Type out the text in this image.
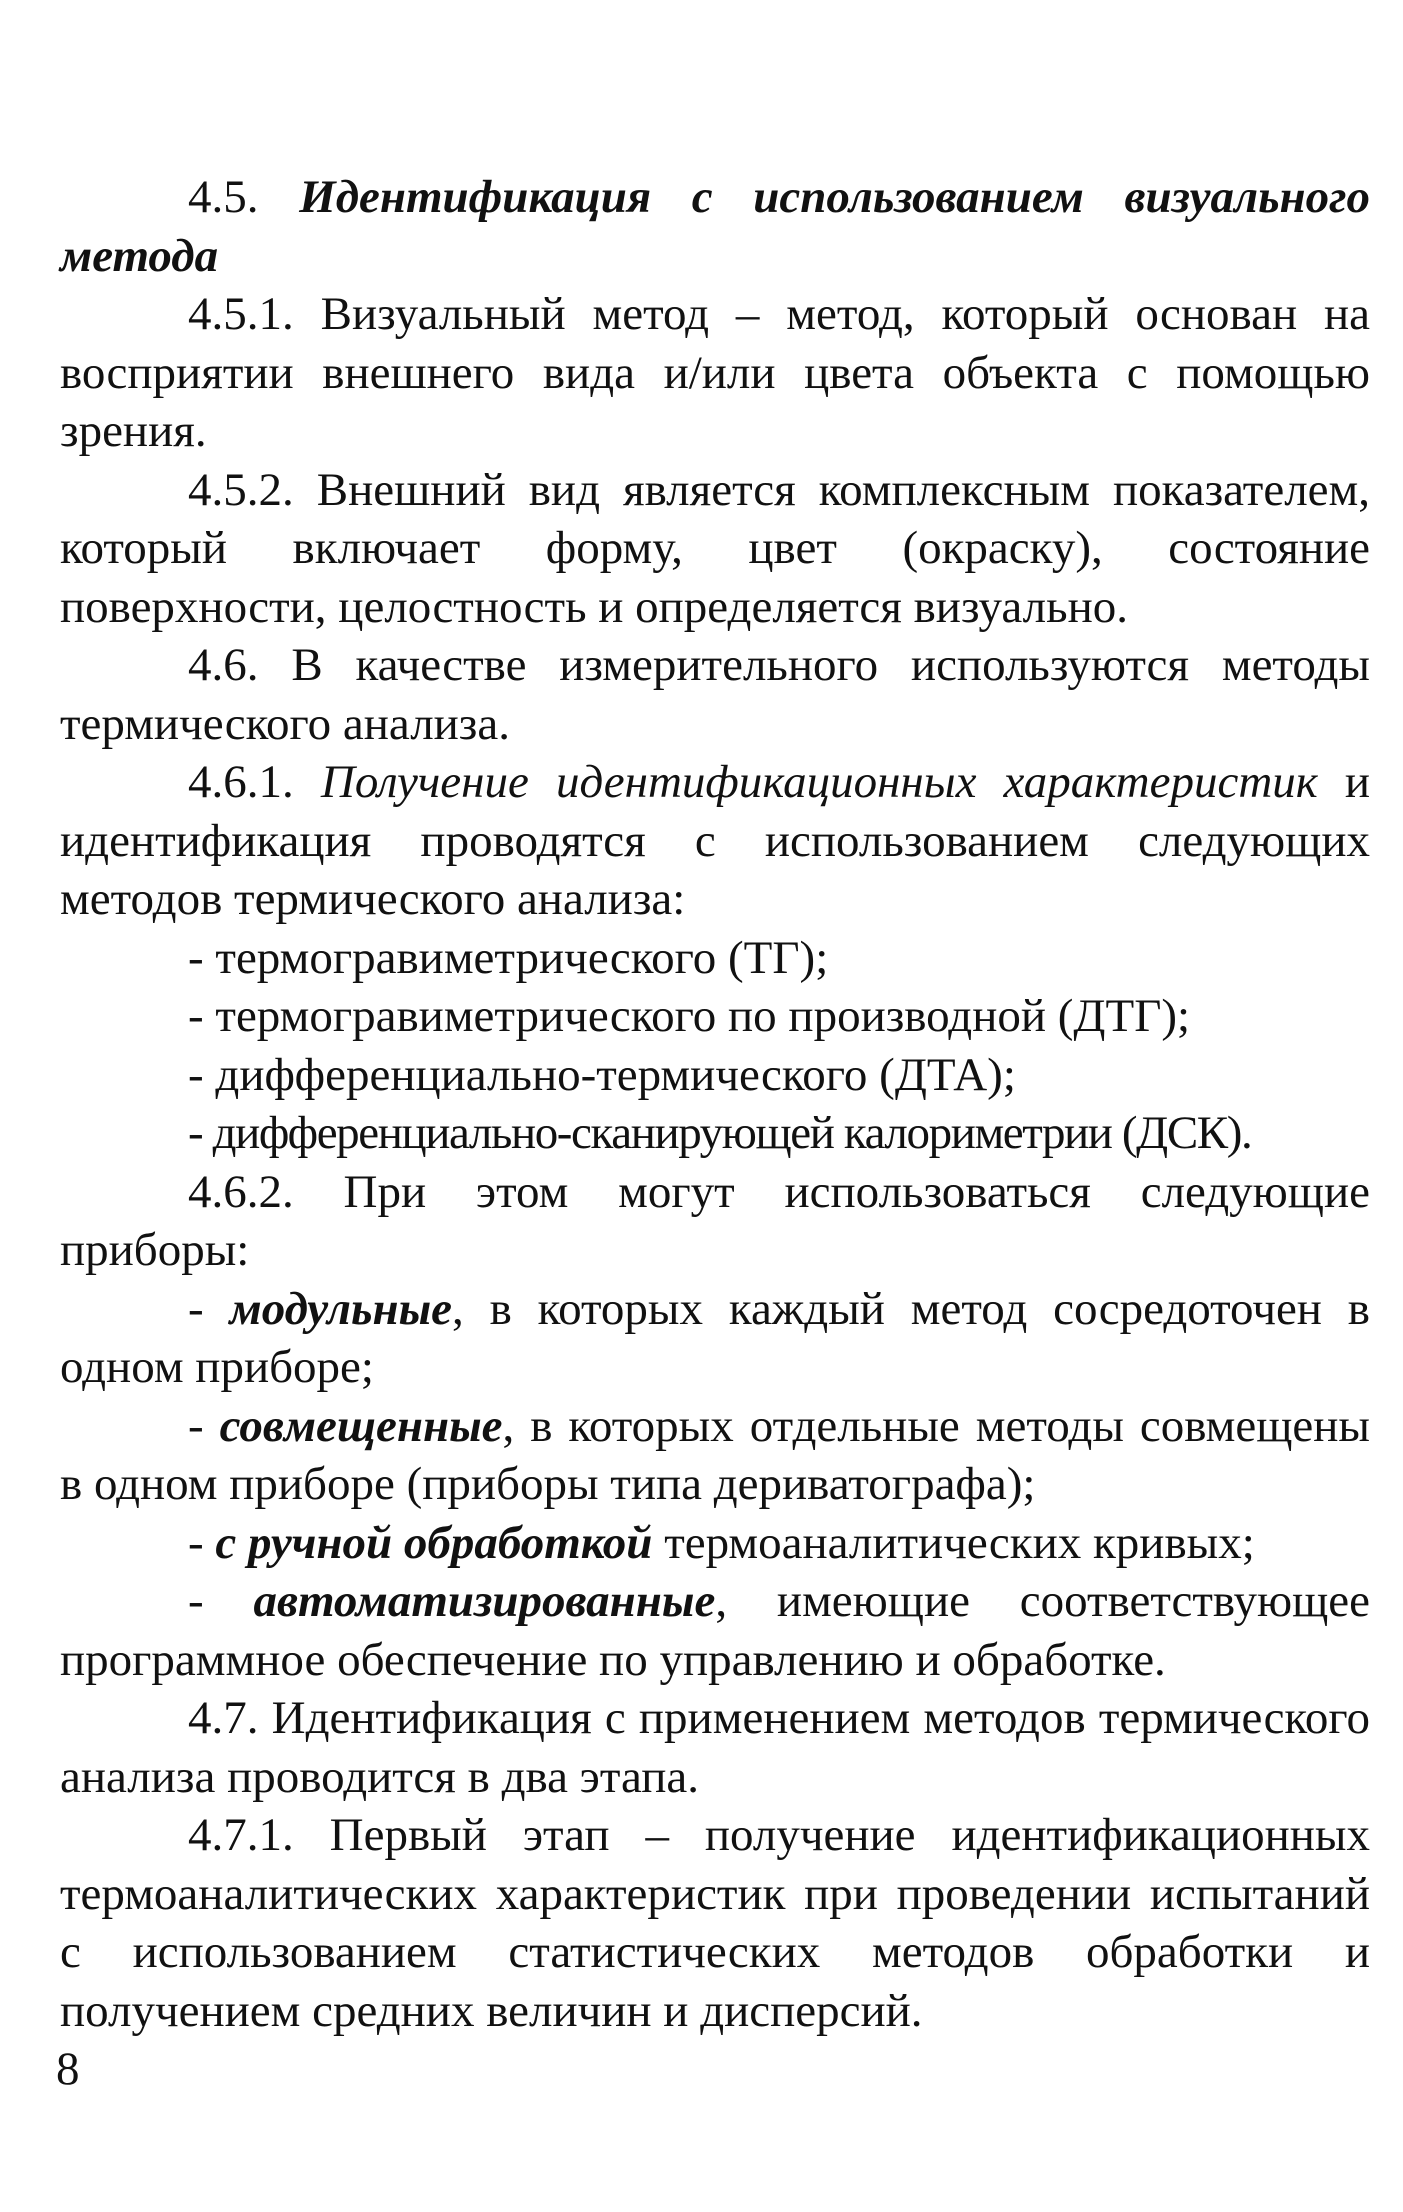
4.5. Идентификация с использованием визуального метода

4.5.1. Визуальный метод – метод, который основан на восприятии внешнего вида и/или цвета объекта с помощью зрения.

4.5.2. Внешний вид является комплексным показателем, который включает форму, цвет (окраску), состояние поверхности, целостность и определяется визуально.

4.6. В качестве измерительного используются методы термического анализа.

4.6.1. Получение идентификационных характеристик и идентификация проводятся с использованием следующих методов термического анализа:

- термогравиметрического (ТГ);

- термогравиметрического по производной (ДТГ);

- дифференциально-термического (ДТА);

- дифференциально-сканирующей калориметрии (ДСК).

4.6.2. При этом могут использоваться следующие приборы:

- модульные, в которых каждый метод сосредоточен в одном приборе;

- совмещенные, в которых отдельные методы совмещены в одном приборе (приборы типа дериватографа);

- с ручной обработкой термоаналитических кривых;

- автоматизированные, имеющие соответствующее программное обеспечение по управлению и обработке.

4.7. Идентификация с применением методов термического анализа проводится в два этапа.

4.7.1. Первый этап – получение идентификационных термоаналитических характеристик при проведении испытаний с использованием статистических методов обработки и получением средних величин и дисперсий.

8
